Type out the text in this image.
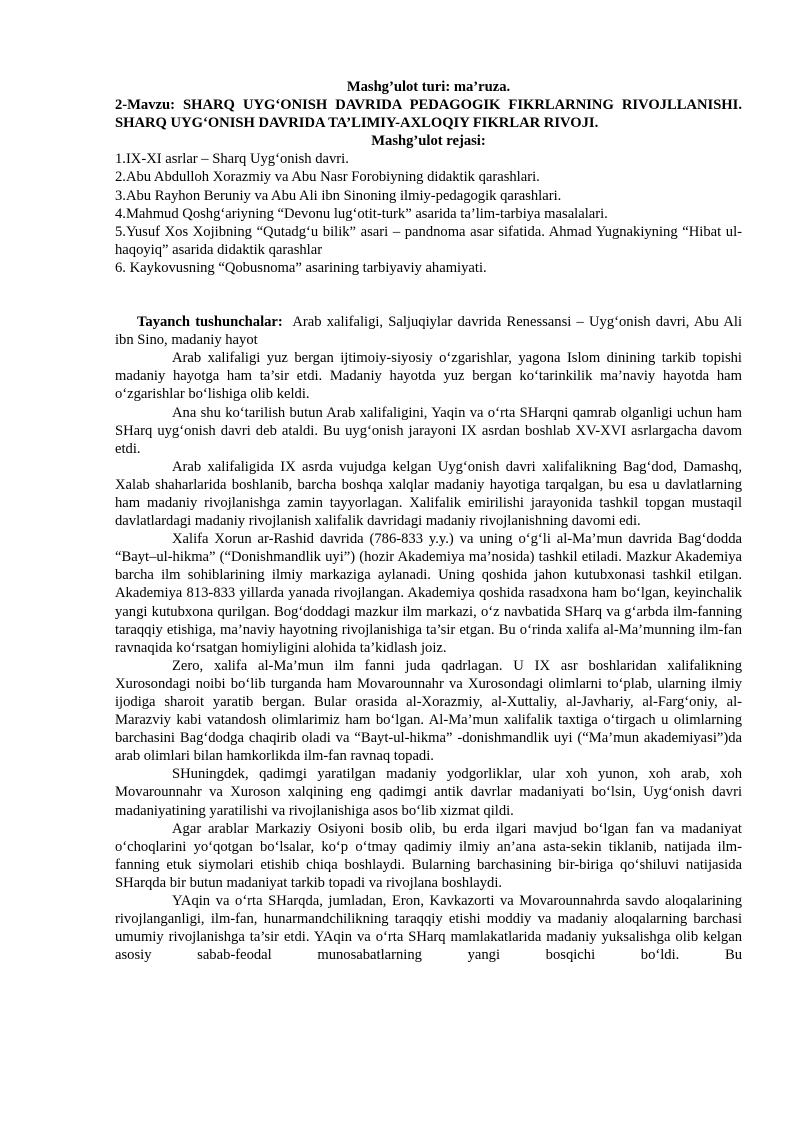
Mashg’ulot turi: ma’ruza.
2-Mavzu: SHARQ UYG‘ONISH DAVRIDA PEDAGOGIK FIKRLARNING RIVOJLLANISHI. SHARQ UYG‘ONISH DAVRIDA TA’LIMIY-AXLOQIY FIKRLAR RIVOJI.
Mashg’ulot rejasi:
1.IX-XI asrlar – Sharq Uyg‘onish davri.
2.Abu Abdulloh Xorazmiy va Abu Nasr Forobiyning didaktik qarashlari.
3.Abu Rayhon Beruniy va Abu Ali ibn Sinoning ilmiy-pedagogik qarashlari.
4.Mahmud Qoshg‘ariyning “Devonu lug‘otit-turk” asarida ta’lim-tarbiya masalalari.
5.Yusuf Xos Xojibning “Qutadg‘u bilik” asari – pandnoma asar sifatida. Ahmad Yugnakiyning “Hibat ul-haqoyiq” asarida didaktik qarashlar
6. Kaykovusning “Qobusnoma” asarining tarbiyaviy ahamiyati.
Tayanch tushunchalar: Arab xalifaligi, Saljuqiylar davrida Renessansi – Uyg‘onish davri, Abu Ali ibn Sino, madaniy hayot

Arab xalifaligi yuz bergan ijtimoiy-siyosiy o‘zgarishlar, yagona Islom dinining tarkib topishi madaniy hayotga ham ta’sir etdi. Madaniy hayotda yuz bergan ko‘tarinkilik ma’naviy hayotda ham o‘zgarishlar bo‘lishiga olib keldi.

Ana shu ko‘tarilish butun Arab xalifaligini, Yaqin va o‘rta SHarqni qamrab olganligi uchun ham SHarq uyg‘onish davri deb ataldi. Bu uyg‘onish jarayoni IX asrdan boshlab XV-XVI asrlargacha davom etdi.

Arab xalifaligida IX asrda vujudga kelgan Uyg‘onish davri xalifalikning Bag‘dod, Damashq, Xalab shaharlarida boshlanib, barcha boshqa xalqlar madaniy hayotiga tarqalgan, bu esa u davlatlarning ham madaniy rivojlanishga zamin tayyorlagan. Xalifalik emirilishi jarayonida tashkil topgan mustaqil davlatlardagi madaniy rivojlanish xalifalik davridagi madaniy rivojlanishning davomi edi.

Xalifa Xorun ar-Rashid davrida (786-833 y.y.) va uning o‘g‘li al-Ma’mun davrida Bag‘dodda “Bayt–ul-hikma” (“Donishmandlik uyi”) (hozir Akademiya ma’nosida) tashkil etiladi. Mazkur Akademiya barcha ilm sohiblarining ilmiy markaziga aylanadi. Uning qoshida jahon kutubxonasi tashkil etilgan. Akademiya 813-833 yillarda yanada rivojlangan. Akademiya qoshida rasadxona ham bo‘lgan, keyinchalik yangi kutubxona qurilgan. Bog‘doddagi mazkur ilm markazi, o‘z navbatida SHarq va g‘arbda ilm-fanning taraqqiy etishiga, ma’naviy hayotning rivojlanishiga ta’sir etgan. Bu o‘rinda xalifa al-Ma’munning ilm-fan ravnaqida ko‘rsatgan homiyligini alohida ta’kidlash joiz.

Zero, xalifa al-Ma’mun ilm fanni juda qadrlagan. U IX asr boshlaridan xalifalikning Xurosondagi noibi bo‘lib turganda ham Movarounnahr va Xurosondagi olimlarni to‘plab, ularning ilmiy ijodiga sharoit yaratib bergan. Bular orasida al-Xorazmiy, al-Xuttaliy, al-Javhariy, al-Farg‘oniy, al-Marazviy kabi vatandosh olimlarimiz ham bo‘lgan. Al-Ma’mun xalifalik taxtiga o‘tirgach u olimlarning barchasini Bag‘dodga chaqirib oladi va “Bayt-ul-hikma” -donishmandlik uyi (“Ma’mun akademiyasi”)da arab olimlari bilan hamkorlikda ilm-fan ravnaq topadi.

SHuningdek, qadimgi yaratilgan madaniy yodgorliklar, ular xoh yunon, xoh arab, xoh Movarounnahr va Xuroson xalqining eng qadimgi antik davrlar madaniyati bo‘lsin, Uyg‘onish davri madaniyatining yaratilishi va rivojlanishiga asos bo‘lib xizmat qildi.

Agar arablar Markaziy Osiyoni bosib olib, bu erda ilgari mavjud bo‘lgan fan va madaniyat o‘choqlarini yo‘qotgan bo‘lsalar, ko‘p o‘tmay qadimiy ilmiy an’ana asta-sekin tiklanib, natijada ilm-fanning etuk siymolari etishib chiqa boshlaydi. Bularning barchasining bir-biriga qo‘shiluvi natijasida SHarqda bir butun madaniyat tarkib topadi va rivojlana boshlaydi.

YAqin va o‘rta SHarqda, jumladan, Eron, Kavkazorti va Movarounnahrda savdo aloqalarining rivojlanganligi, ilm-fan, hunarmandchilikning taraqqiy etishi moddiy va madaniy aloqalarning barchasi umumiy rivojlanishga ta’sir etdi. YAqin va o‘rta SHarq mamlakatlarida madaniy yuksalishga olib kelgan asosiy sabab-feodal munosabatlarning yangi bosqichi bo‘ldi. Bu
